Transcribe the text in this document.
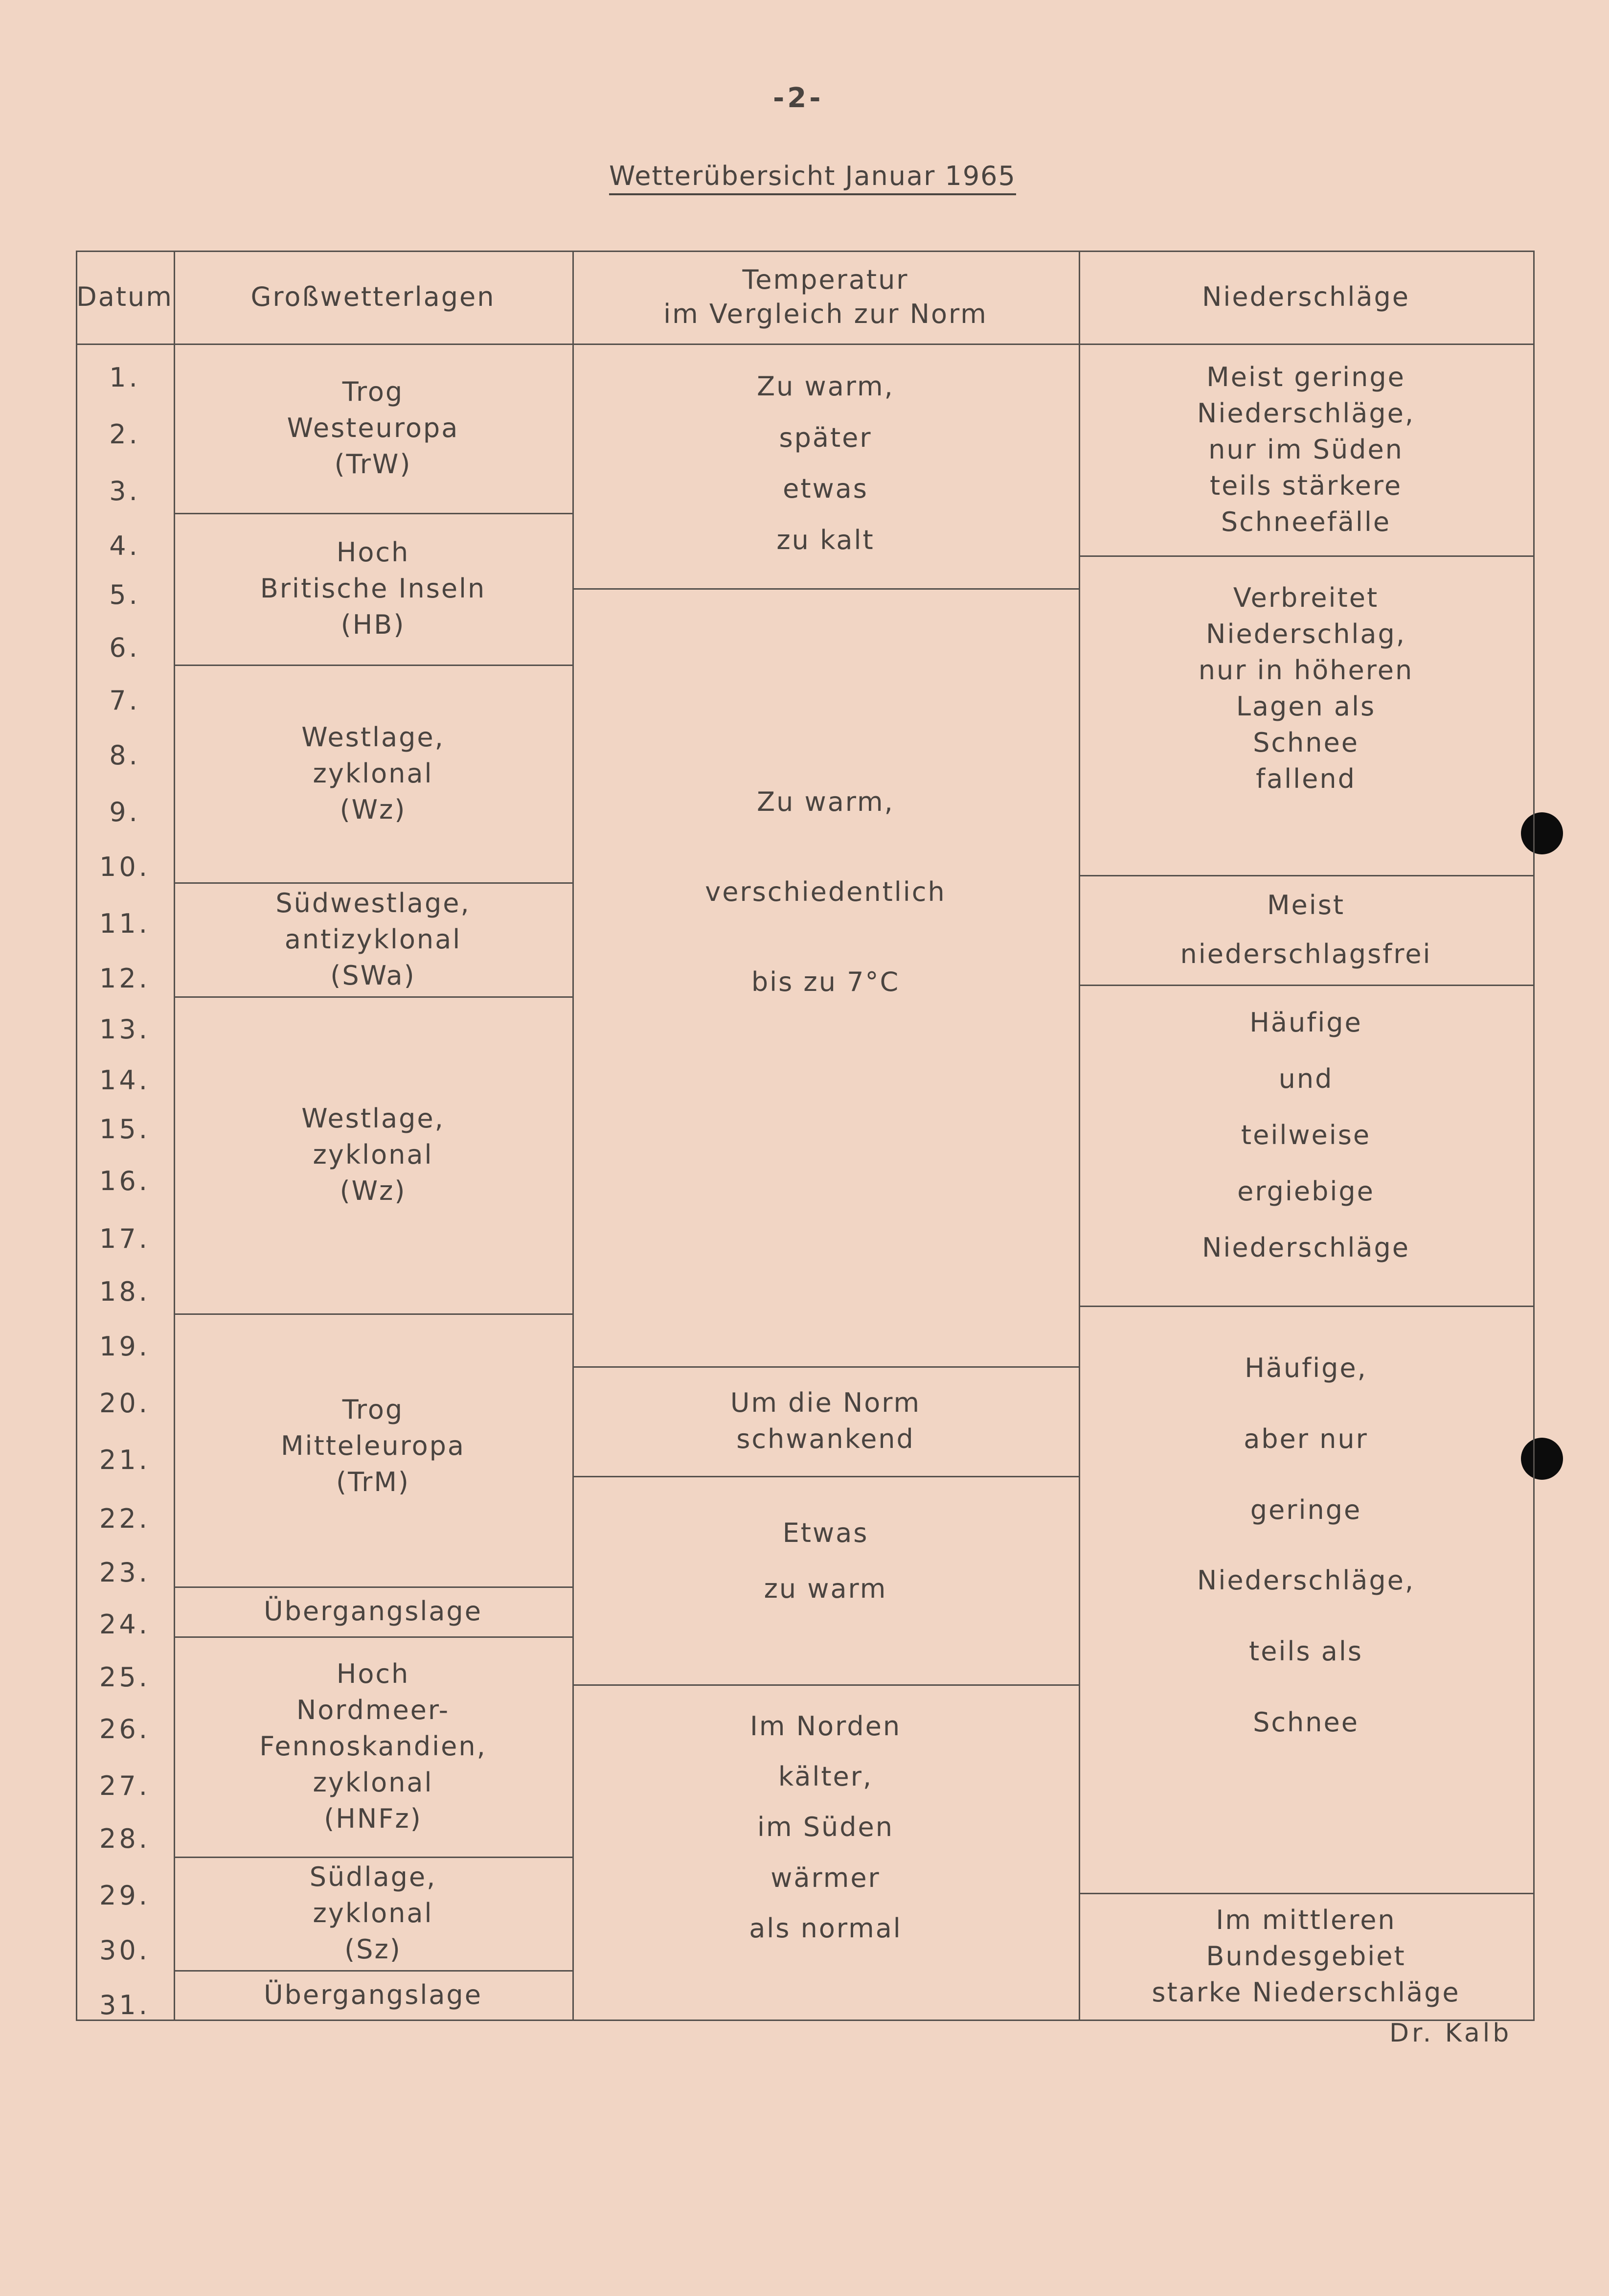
-2-
Wetterübersicht Januar 1965
Datum	Großwetterlagen
Temperatur
im Vergleich zur Norm
Niederschläge
1.
2.
3.
4.
5.
6.
7.
8.
9.
10.
11.
12.
13.
14.
15.
16.
17.
18.
19.
20.
21.
22.
23.
24.
25.
26.
27.
28.
29.
30.
31.
Trog
Westeuropa
(TrW)
Hoch
Britische Inseln
(HB)
Westlage,
zyklonal
(Wz)
Südwestlage,
antizyklonal
(SWa)
Westlage,
zyklonal
(Wz)
Trog
Mitteleuropa
(TrM)
Übergangslage
Hoch
Nordmeer-
Fennoskandien,
zyklonal
(HNFz)
Südlage,
zyklonal
(Sz)
Übergangslage
Zu warm,
später
etwas
zu kalt
Zu warm,
verschiedentlich
bis zu 7°C
Um die Norm
schwankend
Etwas
zu warm
Im Norden
kälter,
im Süden
wärmer
als normal
Meist geringe
Niederschläge,
nur im Süden
teils stärkere
Schneefälle
Verbreitet
Niederschlag,
nur in höheren
Lagen als
Schnee
fallend
Meist
niederschlagsfrei
Häufige
und
teilweise
ergiebige
Niederschläge
Häufige,
aber nur
geringe
Niederschläge,
teils als
Schnee
Im mittleren
Bundesgebiet
starke Niederschläge
Dr. Kalb
